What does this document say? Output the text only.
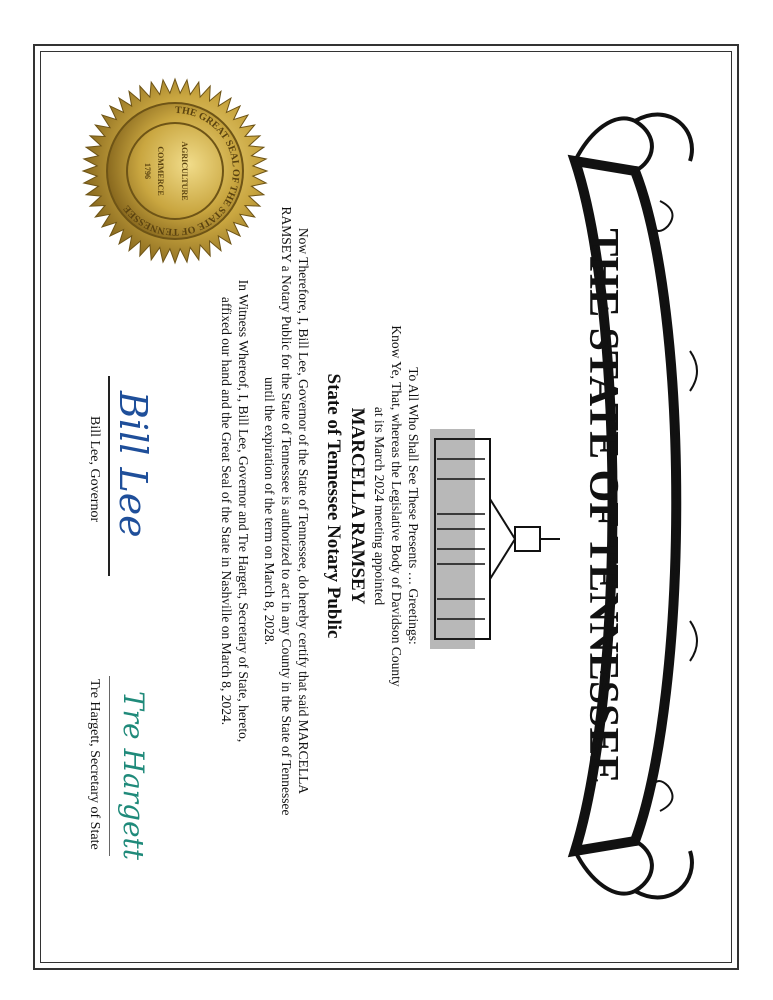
THE STATE OF TENNESSEE
To All Who Shall See These Presents … Greetings:
Know Ye, That, whereas the Legislative Body of Davidson County
at its March 2024 meeting appointed
MARCELLA RAMSEY
State of Tennessee Notary Public
Now Therefore, I, Bill Lee, Governor of the State of Tennessee, do hereby certify that said MARCELLA
RAMSEY a Notary Public for the State of Tennessee is authorized to act in any County in the State of Tennessee
until the expiration of the term on March 8, 2028.
In Witness Whereof, I, Bill Lee, Governor and Tre Hargett, Secretary of State, hereto,
affixed our hand and the Great Seal of the State in Nashville on March 8, 2024.
Bill Lee
Bill Lee, Governor
Tre Hargett
Tre Hargett, Secretary of State
THE GREAT SEAL OF THE STATE OF TENNESSEE
AGRICULTURE
COMMERCE
1796
